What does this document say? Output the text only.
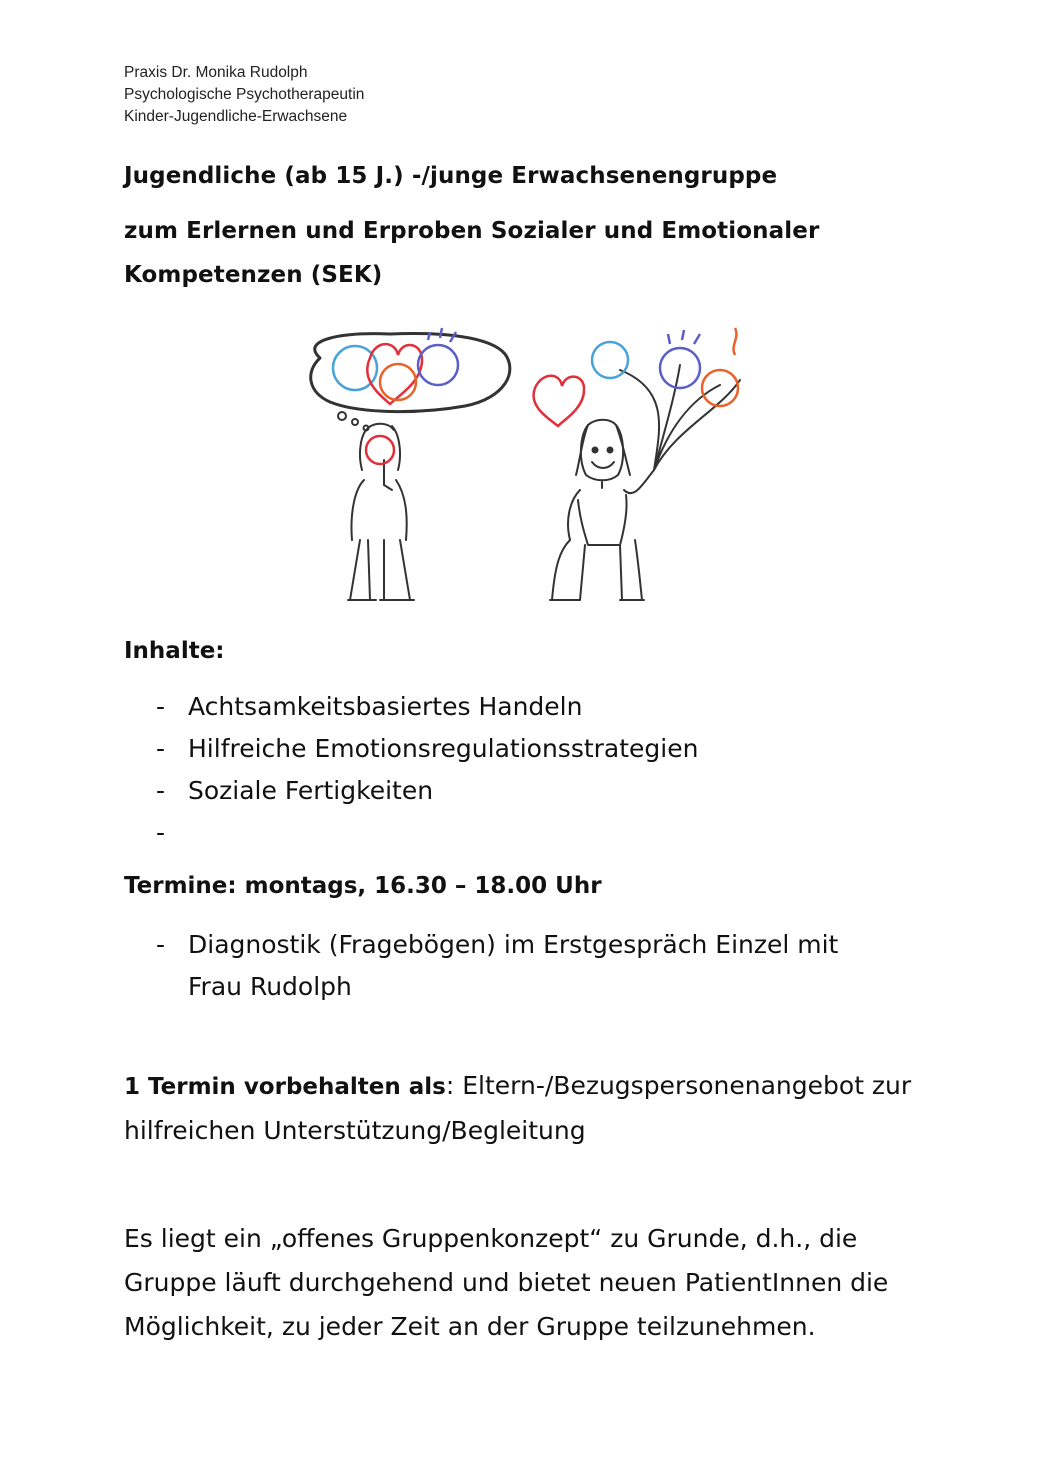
Praxis Dr. Monika Rudolph
Psychologische Psychotherapeutin
Kinder-Jugendliche-Erwachsene
Jugendliche (ab 15 J.) -/junge Erwachsenengruppe
zum Erlernen und Erproben Sozialer und Emotionaler
Kompetenzen (SEK)
Inhalte:
- Achtsamkeitsbasiertes Handeln
- Hilfreiche Emotionsregulationsstrategien
- Soziale Fertigkeiten
-
Termine: montags, 16.30 – 18.00 Uhr
- Diagnostik (Fragebögen) im Erstgespräch Einzel mit Frau Rudolph
1 Termin vorbehalten als: Eltern-/Bezugspersonenangebot zur hilfreichen Unterstützung/Begleitung
Es liegt ein „offenes Gruppenkonzept“ zu Grunde, d.h., die Gruppe läuft durchgehend und bietet neuen PatientInnen die Möglichkeit, zu jeder Zeit an der Gruppe teilzunehmen.
